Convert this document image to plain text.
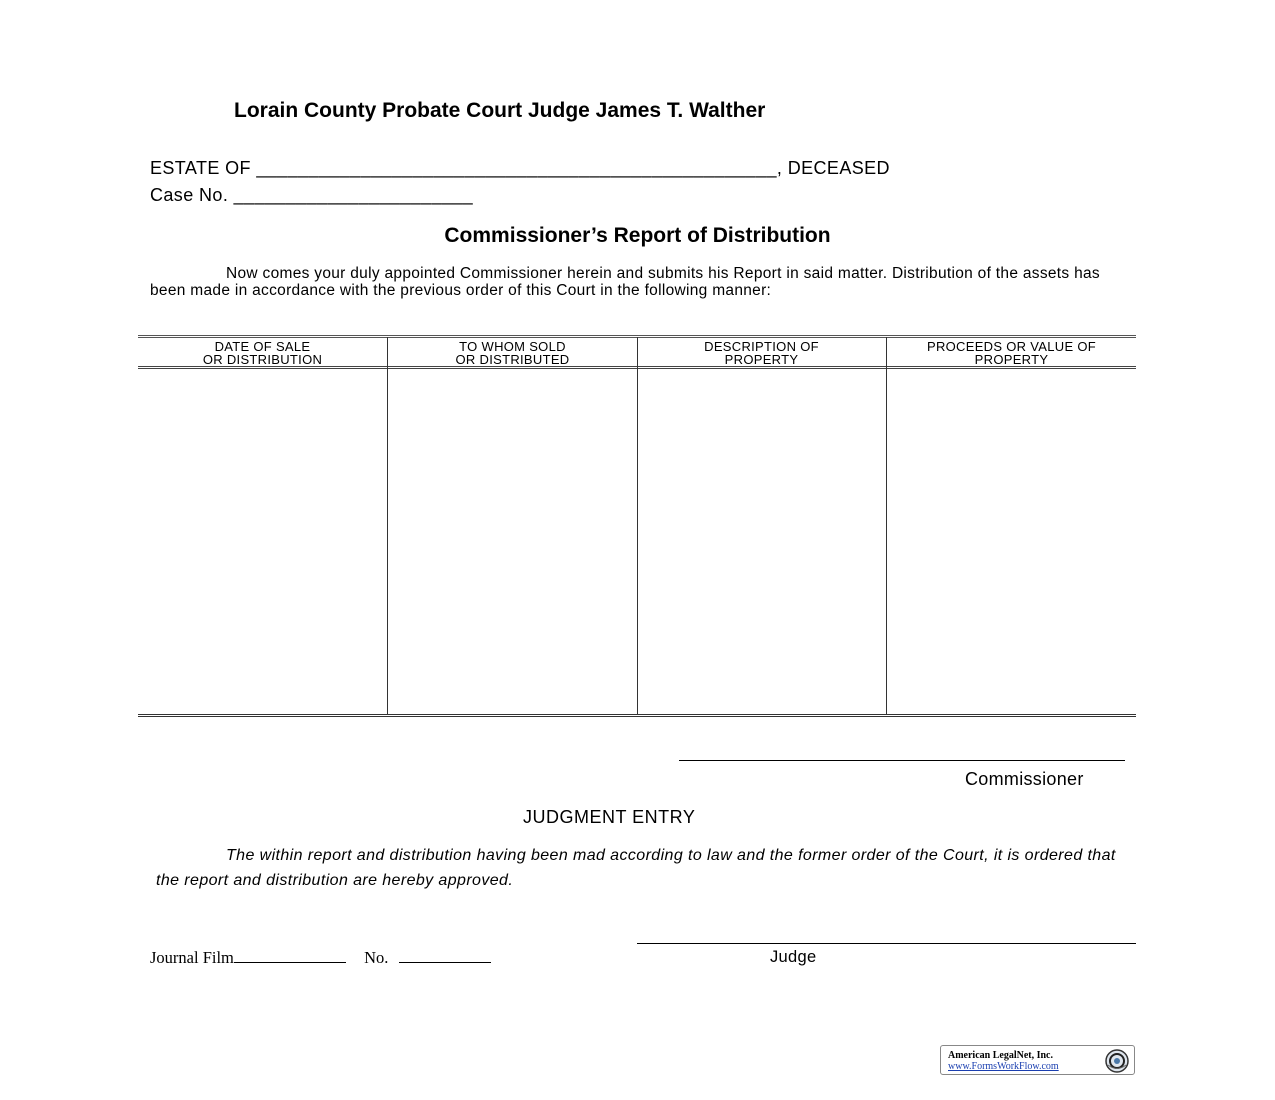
Lorain County Probate Court Judge James T. Walther
ESTATE OF __________________________________________________, DECEASED
Case No. _______________________
Commissioner’s Report of Distribution
Now comes your duly appointed Commissioner herein and submits his Report in said matter. Distribution of the assets has been made in accordance with the previous order of this Court in the following manner:
DATE OF SALE
OR DISTRIBUTION
TO WHOM SOLD
OR DISTRIBUTED
DESCRIPTION OF
PROPERTY
PROCEEDS OR VALUE OF
PROPERTY
Commissioner
JUDGMENT ENTRY
The within report and distribution having been mad according to law and the former order of the Court, it is ordered that the report and distribution are hereby approved.
Journal Film	No.	Judge
American LegalNet, Inc.
www.FormsWorkFlow.com
